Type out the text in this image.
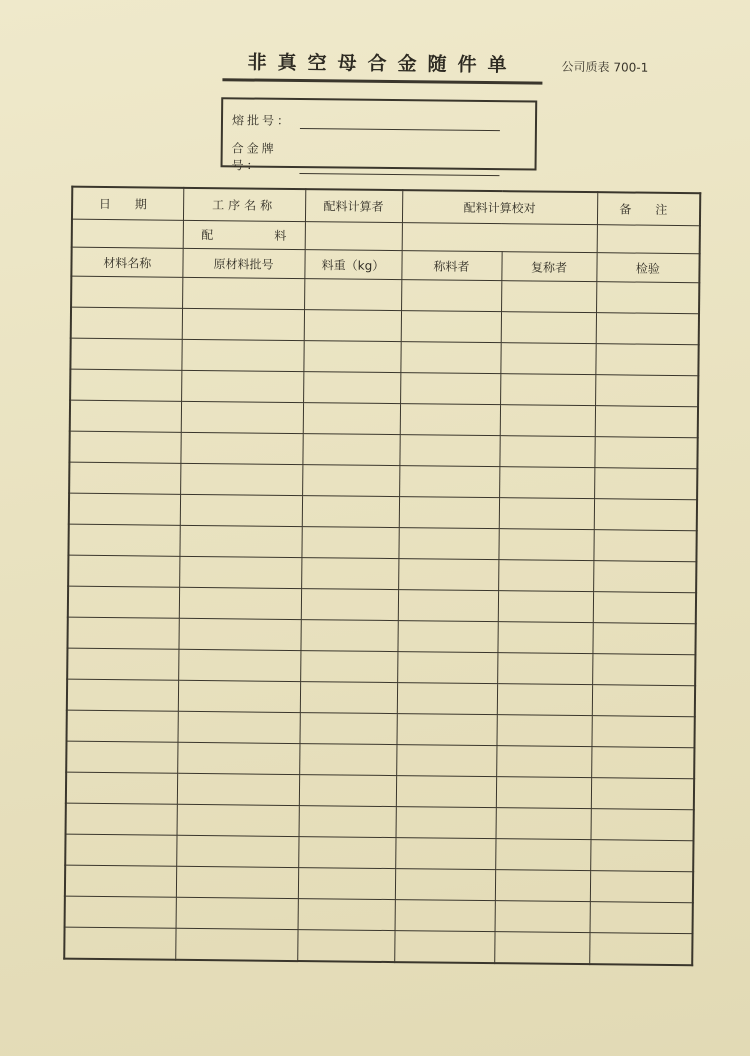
非真空母合金随件单	公司质表 700-1
熔批号：
合金牌号：
日 期	工序名称	配料计算者	配料计算校对		备 注
	配 料				
材料名称	原材料批号	料重（kg）	称料者	复称者	检验
